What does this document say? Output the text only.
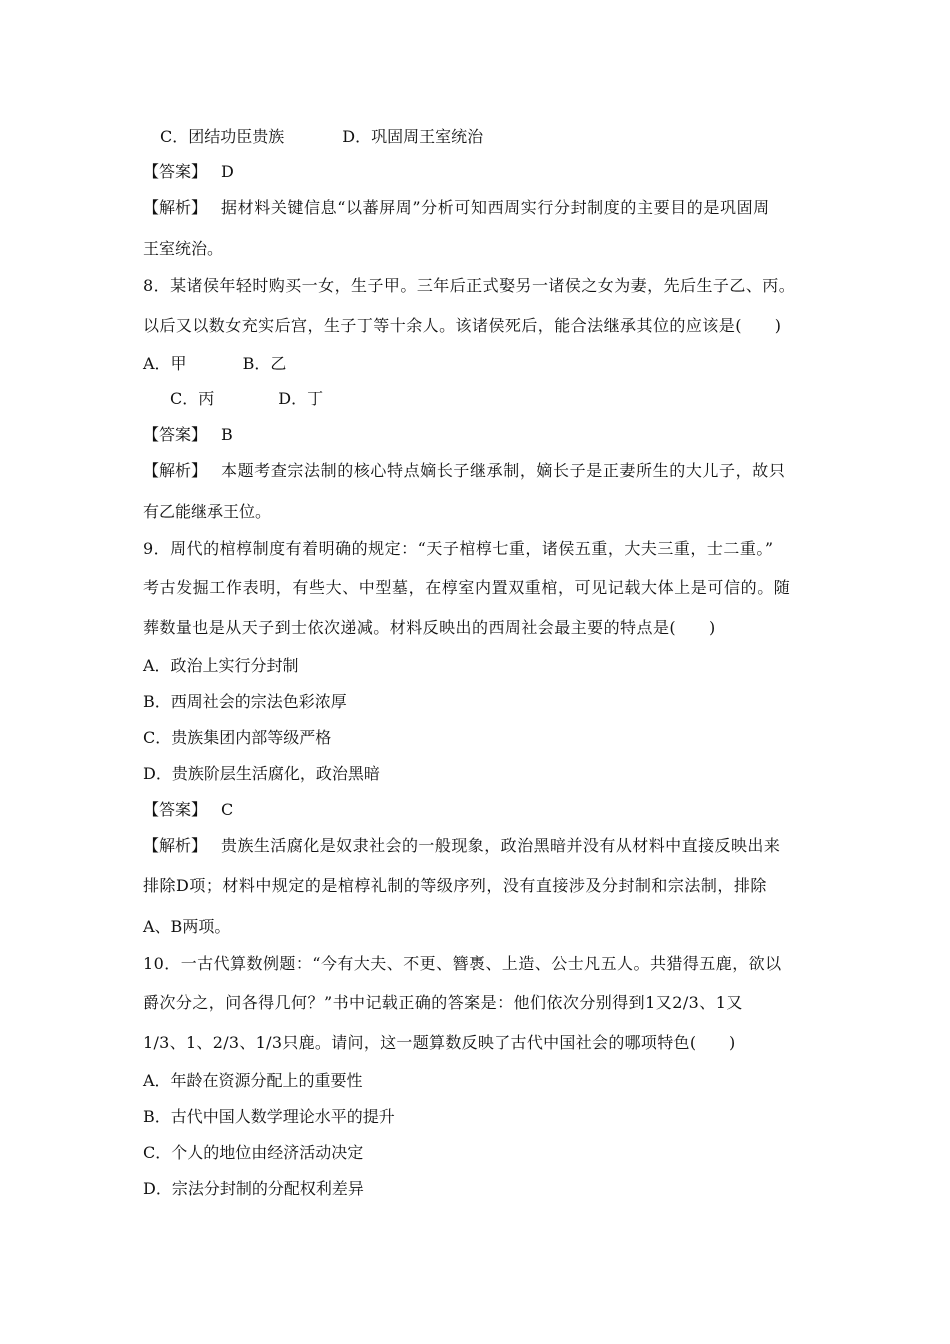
C．团结功臣贵族	D．巩固周王室统治
【答案】 D
【解析】 据材料关键信息“以蕃屏周”分析可知西周实行分封制度的主要目的是巩固周
王室统治。
8．某诸侯年轻时购买一女，生子甲。三年后正式娶另一诸侯之女为妻，先后生子乙、丙。
以后又以数女充实后宫，生子丁等十余人。该诸侯死后，能合法继承其位的应该是(　　)
A．甲	B．乙
C．丙	D．丁
【答案】 B
【解析】 本题考查宗法制的核心特点嫡长子继承制，嫡长子是正妻所生的大儿子，故只
有乙能继承王位。
9．周代的棺椁制度有着明确的规定：“天子棺椁七重，诸侯五重，大夫三重，士二重。”
考古发掘工作表明，有些大、中型墓，在椁室内置双重棺，可见记载大体上是可信的。随
葬数量也是从天子到士依次递减。材料反映出的西周社会最主要的特点是(　　)
A．政治上实行分封制
B．西周社会的宗法色彩浓厚
C．贵族集团内部等级严格
D．贵族阶层生活腐化，政治黑暗
【答案】 C
【解析】 贵族生活腐化是奴隶社会的一般现象，政治黑暗并没有从材料中直接反映出来
排除D项；材料中规定的是棺椁礼制的等级序列，没有直接涉及分封制和宗法制，排除
A、B两项。
10．一古代算数例题：“今有大夫、不更、簪褭、上造、公士凡五人。共猎得五鹿，欲以
爵次分之，问各得几何？”书中记载正确的答案是：他们依次分别得到1又2/3、1又
1/3、1、2/3、1/3只鹿。请问，这一题算数反映了古代中国社会的哪项特色(　　)
A．年龄在资源分配上的重要性
B．古代中国人数学理论水平的提升
C．个人的地位由经济活动决定
D．宗法分封制的分配权利差异
